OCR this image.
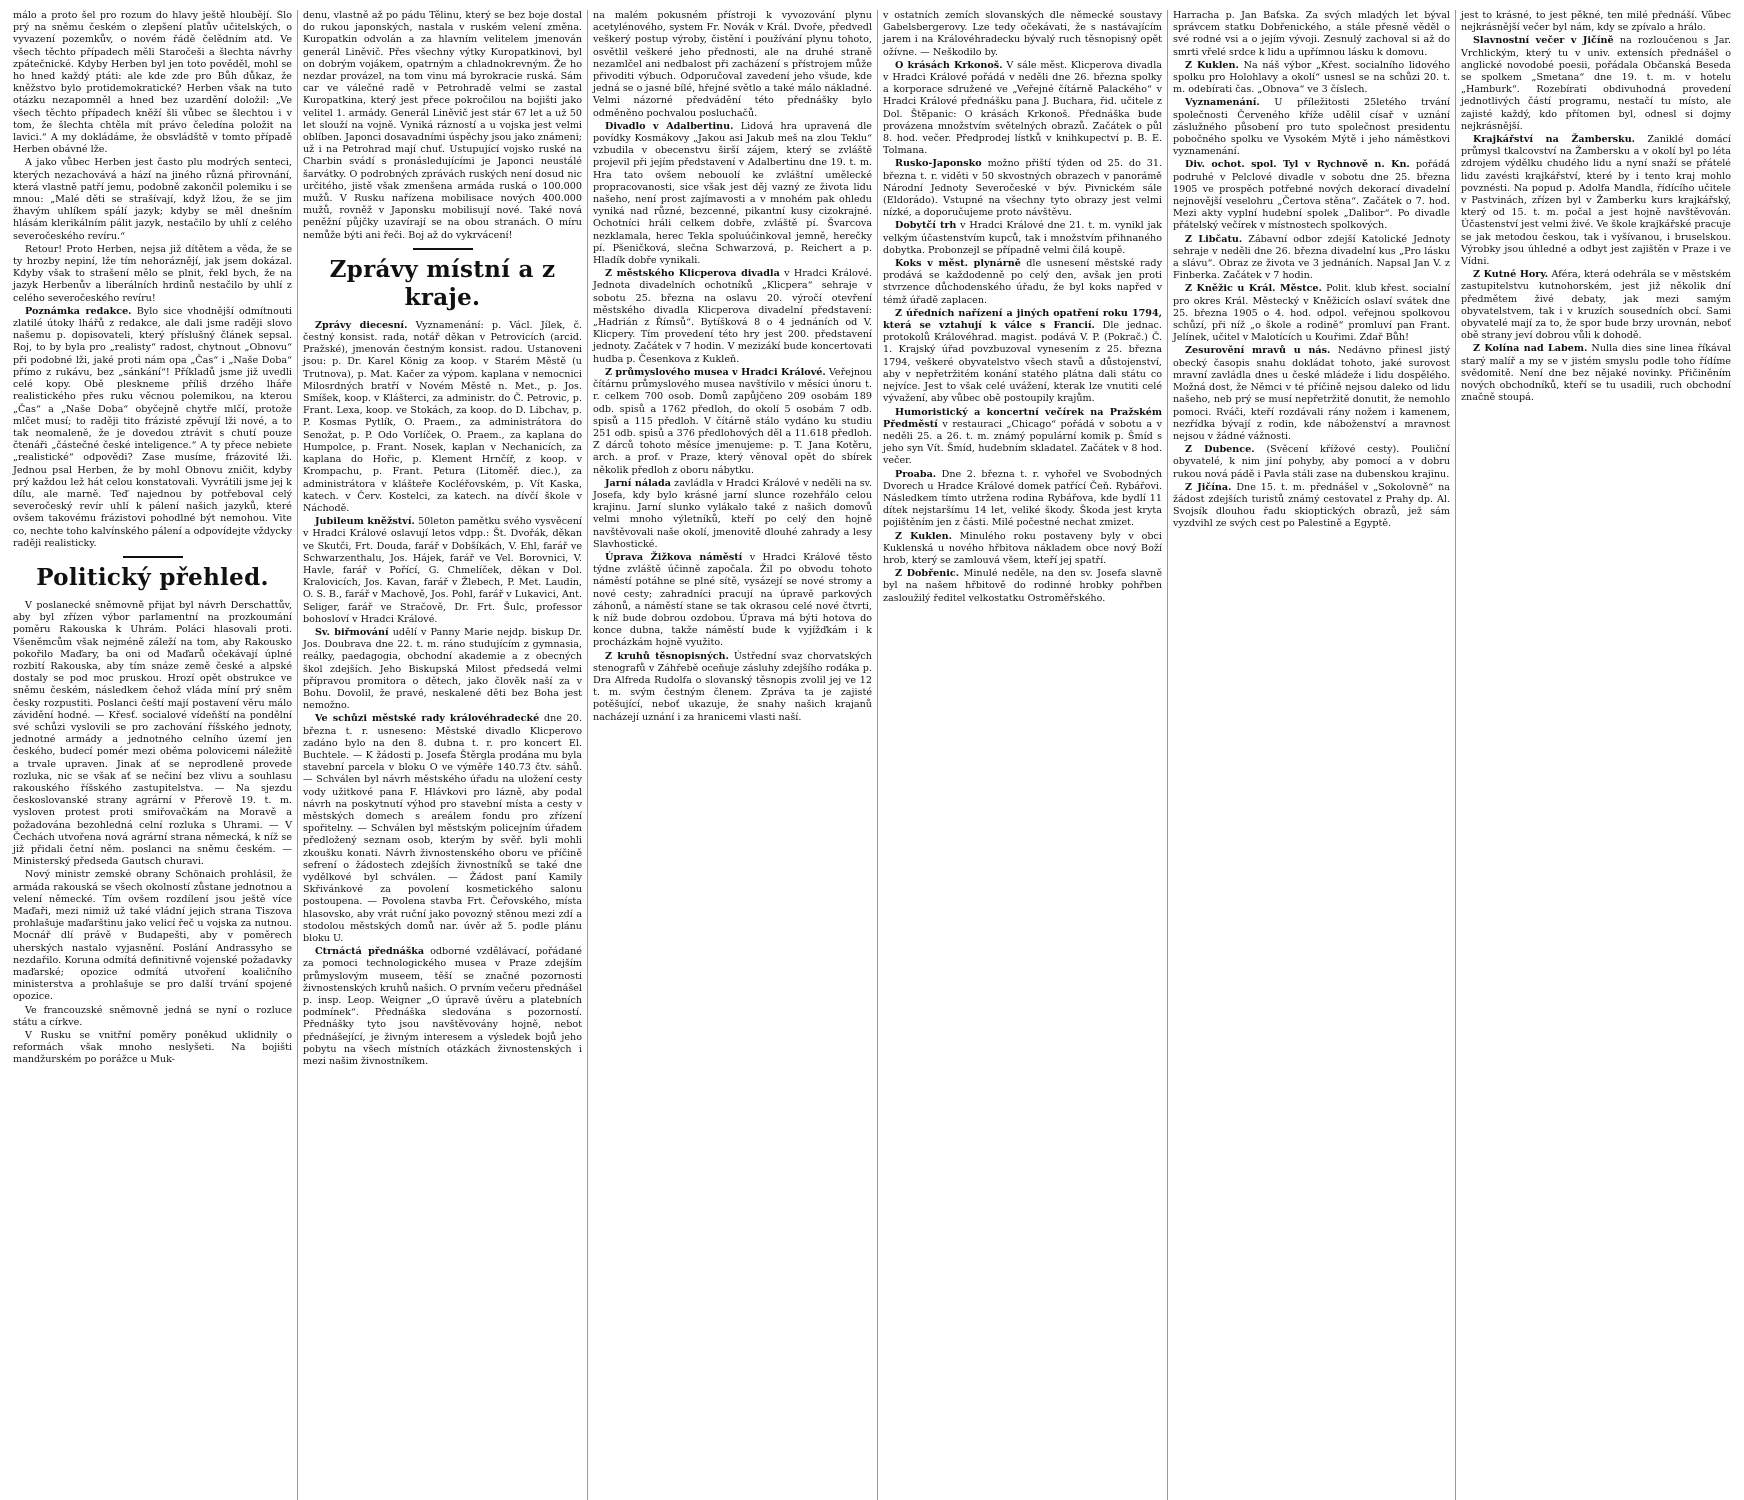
málo a proto šel pro rozum do hlavy ještě hloubějí. Šlo prý na sněmu českém o zlepšení platův učitelských, o vyvazení pozemkův, o novém řádě čelědním atd. Ve všech těchto případech měli Staročeši a šlechta návrhy zpátečnické. Kdyby Herben byl jen toto pověděl, mohl se ho hned každý ptáti: ale kde zde pro Bůh důkaz, že kněžstvo bylo protidemokratické? Herben však na tuto otázku nezapomněl a hned bez uzardění doložil: „Ve všech těchto případech kněží šli vůbec se šlechtou i v tom, že šlechta chtěla mít právo čeledína položit na lavici.“ A my dokládáme, že obsvládště v tomto případě Herben obávné lže.

A jako vůbec Herben jest často plu modrých senteci, kterých nezachovává a hází na jiného různá přirovnání, která vlastně patří jemu, podobně zakončil polemiku i se mnou: „Malé děti se strašívají, když lžou, že se jim žhavým uhlíkem spálí jazyk; kdyby se měl dnešním hlásám klerikálním pálit jazyk, nestačilo by uhlí z celého severočeského revíru.“

Retour! Proto Herben, nejsa již dítětem a věda, že se ty hrozby nepiní, lže tím nehoráznějí, jak jsem dokázal. Kdyby však to strašení mělo se plnit, řekl bych, že na jazyk Herbenův a liberálních hrdinů nestačilo by uhlí z celého severočeského revíru!

Poznámka redakce. Bylo sice vhodnější odmítnouti zlatilé útoky lhářů z redakce, ale dali jsme raději slovo našemu p. dopisovateli, který příslušný článek sepsal. Roj, to by byla pro „realisty“ radost, chytnout „Obnovu“ při podobné lži, jaké proti nám opa „Čas“ i „Naše Doba“ přímo z rukávu, bez „sánkání“! Příkladů jsme již uvedli celé kopy. Obě pleskneme příliš drzého lháře realistického přes ruku věcnou polemikou, na kterou „Čas“ a „Naše Doba“ obyčejně chytře mlčí, protože mlčet musí; to raději tito frázisté zpěvují lži nové, a to tak neomaleně, že je dovedou ztrávit s chutí pouze čtenáři „částečné české inteligence.“ A ty přece nebiete „realistické“ odpovědi? Zase musíme, frázovité lži. Jednou psal Herben, že by mohl Obnovu zničit, kdyby prý každou lež hát celou konstatovali. Vyvrátili jsme jej k dílu, ale marně. Teď najednou by potřeboval celý severočeský revír uhlí k pálení našich jazyků, které ovšem takovému frázistovi pohodlné být nemohou. Vite co, nechte toho kalvínského pálení a odpovídejte vždycky raději realisticky.

Politický přehled.

V poslanecké sněmovně přijat byl návrh Derschattův, aby byl zřízen výbor parlamentní na prozkoumání poměru Rakouska k Uhrám. Poláci hlasovali proti. Všeněmcům však nejméně záleží na tom, aby Rakousko pokořilo Maďary, ba oni od Maďarů očekávají úplné rozbití Rakouska, aby tím snáze země české a alpské dostaly se pod moc pruskou. Hrozí opět obstrukce ve sněmu českém, následkem čehož vláda míní prý sněm česky rozpustiti. Poslanci čeští mají postavení věru málo závidění hodné. — Křesť. socialové vídeňští na pondělní své schůzi vyslovili se pro zachování říšského jednoty, jednotné armády a jednotného celního území jen českého, budecí pomér mezi oběma polovicemi náležitě a trvale upraven. Jinak ať se neprodleně provede rozluka, nic se však ať se nečiní bez vlivu a souhlasu rakouského říšského zastupitelstva. — Na sjezdu českoslovanské strany agrární v Přerově 19. t. m. vysloven protest proti smiřovačkám na Moravě a požadována bezohledná celní rozluka s Uhrami. — V Čechách utvořena nová agrární strana německá, k níž se již přidali četní něm. poslanci na sněmu českém. — Ministerský předseda Gautsch churavi.

Nový ministr zemské obrany Schönaich prohlásil, že armáda rakouská se všech okolností zůstane jednotnou a velení německé. Tím ovšem rozdílení jsou ještě více Maďaři, mezi nimiž už také vládní jejich strana Tiszova prohlašuje maďarštinu jako velicí řeč u vojska za nutnou. Mocnář dlí právě v Budapešti, aby v poměrech uherských nastalo vyjasnění. Poslání Andrassyho se nezdařilo. Koruna odmítá definitivně vojenské požadavky maďarské; opozice odmítá utvoření koaličního ministerstva a prohlašuje se pro další trvání spojené opozice.

Ve francouzské sněmovně jedná se nyní o rozluce státu a církve.

V Rusku se vnitřní poměry poněkud uklidnily o reformách však mnoho neslyšeti. Na bojišti mandžurském po porážce u Muk-

denu, vlastně až po pádu Tělinu, který se bez boje dostal do rukou japonských, nastala v ruském velení změna. Kuropatkin odvolán a za hlavním velitelem jmenován generál Liněvič. Přes všechny výtky Kuropatkinovi, byl on dobrým vojákem, opatrným a chladnokrevným. Že ho nezdar provázel, na tom vinu má byrokracie ruská. Sám car ve válečné radě v Petrohradě velmi se zastal Kuropatkina, který jest přece pokročilou na bojišti jako velitel 1. armády. Generál Liněvič jest stár 67 let a už 50 let slouží na vojně. Vyniká rázností a u vojska jest velmi oblíben. Japonci dosavadními úspěchy jsou jako známeni; už i na Petrohrad mají chuť. Ustupující vojsko ruské na Charbin svádí s pronásledujícími je Japonci neustálé šarvátky. O podrobných zprávách ruských není dosud nic určitého, jistě však zmenšena armáda ruská o 100.000 mužů. V Rusku nařízena mobilisace nových 400.000 mužů, rovněž v Japonsku mobilisují nové. Také nová peněžní půjčky uzavírají se na obou stranách. O míru nemůže býti ani řeči. Boj až do vykrvácení!

Zprávy místní a z kraje.

Zprávy diecesní. Vyznamenání: p. Václ. Jílek, č. čestný konsist. rada, notář děkan v Petrovicích (arcid. Pražské), jmenován čestným konsist. radou. Ustanoveni jsou: p. Dr. Karel König za koop. v Starém Městě (u Trutnova), p. Mat. Kačer za výpom. kaplana v nemocnici Milosrdných bratří v Novém Městě n. Met., p. Jos. Smíšek, koop. v Klášterci, za administr. do Č. Petrovic, p. Frant. Lexa, koop. ve Stokách, za koop. do D. Libchav, p. P. Kosmas Pytlík, O. Praem., za administrátora do Senožat, p. P. Odo Vorlíček, O. Praem., za kaplana do Humpolce, p. Frant. Nosek, kaplan v Nechanicích, za kaplana do Hořic, p. Klement Hrnčíř, z koop. v Krompachu, p. Frant. Petura (Litoměř. diec.), za administrátora v klášteře Kocléřovském, p. Vít Kaska, katech. v Červ. Kostelci, za katech. na dívčí škole v Náchodě.

Jubileum kněžství. 50leton pamětku svého vysvěcení v Hradci Králové oslavují letos vdpp.: Št. Dvořák, děkan ve Skutči, Frt. Douda, farář v Dobšíkách, V. Ehl, farář ve Schwarzenthalu, Jos. Hájek, farář ve Vel. Borovnici, V. Havle, farář v Pořící, G. Chmelíček, děkan v Dol. Kralovicích, Jos. Kavan, farář v Žlebech, P. Met. Laudin, O. S. B., farář v Machově, Jos. Pohl, farář v Lukavici, Ant. Seliger, farář ve Stračově, Dr. Frt. Šulc, professor bohosloví v Hradci Králové.

Sv. biřmování udělí v Panny Marie nejdp. biskup Dr. Jos. Doubrava dne 22. t. m. ráno studujícím z gymnasia, reálky, paedagogia, obchodní akademie a z obecných škol zdejších. Jeho Biskupská Milost předsedá velmi přípravou promitora o dětech, jako člověk naší za v Bohu. Dovolil, že pravé, neskalené děti bez Boha jest nemožno.

Ve schůzi městské rady královéhradecké dne 20. března t. r. usneseno: Městské divadlo Klicperovo zadáno bylo na den 8. dubna t. r. pro koncert El. Buchtele. — K žádosti p. Josefa Štěrgla prodána mu byla stavební parcela v bloku O ve výměře 140.73 čtv. sáhů. — Schválen byl návrh městského úřadu na uložení cesty vody užitkové pana F. Hlávkovi pro lázně, aby podal návrh na poskytnutí výhod pro stavební místa a cesty v městských domech s areálem fondu pro zřízení spořitelny. — Schválen byl městským policejním úřadem předložený seznam osob, kterým by svěř. byli mohli zkoušku konati. Návrh živnostenského oboru ve příčině sefrení o žádostech zdejších živnostníků se také dne vydělkové byl schválen. — Žádost paní Kamily Skřivánkové za povolení kosmetického salonu postoupena. — Povolena stavba Frt. Čeřovského, místa hlasovsko, aby vrát ruční jako povozný stěnou mezi zdí a stodolou městských domů nar. úvěr až 5. podle plánu bloku U.

Ctrnáctá přednáška odborné vzdělávací, pořádané za pomoci technologického musea v Praze zdejším průmyslovým museem, těší se značné pozornosti živnostenských kruhů našich. O prvním večeru přednášel p. insp. Leop. Weigner „O úpravě úvěru a platebních podmínek“. Přednáška sledována s pozorností. Přednášky tyto jsou navštěvovány hojně, nebot přednášející, je živným interesem a výsledek bojů jeho pobytu na všech místních otázkách živnostenských i mezi našim živnostníkem.

na malém pokusném přístroji k vyvozování plynu acetylénového, system Fr. Novák v Král. Dvoře, předvedl veškerý postup výroby, čistění i používání plynu tohoto, osvětlil veškeré jeho přednosti, ale na druhé straně nezamlčel ani nedbalost při zacházení s přístrojem může přivoditi výbuch. Odporučoval zavedení jeho všude, kde jedná se o jasné bílé, hřejné světlo a také málo nákladné. Velmi názorné předvádění této přednášky bylo odměněno pochvalou posluchačů.

Divadlo v Adalbertinu. Lidová hra upravená dle povídky Kosmákovy „Jakou asi Jakub meš na zlou Teklu“ vzbudila v obecenstvu širší zájem, který se zvláště projevil při jejím představení v Adalbertinu dne 19. t. m. Hra tato ovšem nebouolí ke zvláštní umělecké propracovanosti, sice však jest děj vazný ze života lidu našeho, není prost zajímavosti a v mnohém pak ohledu vyniká nad různé, bezcenné, pikantní kusy cizokrajné. Ochotníci hráli celkem dobře, zvláště pí. Švarcova nezklamala, herec Tekla spoluúčinkoval jemně, herečky pí. Pšeničková, slečna Schwarzová, p. Reichert a p. Hladík dobře vynikali.

Z městského Klicperova divadla v Hradci Králové. Jednota divadelních ochotníků „Klicpera“ sehraje v sobotu 25. března na oslavu 20. výročí otevření městského divadla Klicperova divadelní představení: „Hadrián z Římsů“. Bytíšková 8 o 4 jednáních od V. Klicpery. Tím provedení této hry jest 200. představení jednoty. Začátek v 7 hodin. V mezizákí bude koncertovati hudba p. Česenkova z Kukleň.

Z průmyslového musea v Hradci Králové. Veřejnou čítárnu průmyslového musea navštívilo v měsíci únoru t. r. celkem 700 osob. Domů zapůjčeno 209 osobám 189 odb. spisů a 1762 předloh, do okolí 5 osobám 7 odb. spisů a 115 předloh. V čítárně stálo vydáno ku studiu 251 odb. spisů a 376 předlohových děl a 11.618 předloh. Z dárců tohoto měsíce jmenujeme: p. T. Jana Kotěru, arch. a prof. v Praze, který věnoval opět do sbírek několik předloh z oboru nábytku.

Jarní nálada zavládla v Hradci Králové v neděli na sv. Josefa, kdy bylo krásné jarní slunce rozehřálo celou krajinu. Jarní slunko vylákalo také z našich domovů velmi mnoho výletníků, kteří po celý den hojně navštěvovali naše okolí, jmenovitě dlouhé zahrady a lesy Slavhostické.

Úprava Žižkova náměstí v Hradci Králové těsto týdne zvláště účinně započala. Žil po obvodu tohoto náměstí potáhne se plné sítě, vysázejí se nové stromy a nové cesty; zahradníci pracují na úpravě parkových záhonů, a náměstí stane se tak okrasou celé nové čtvrti, k níž bude dobrou ozdobou. Úprava má býti hotova do konce dubna, takže náměstí bude k vyjížďkám i k procházkám hojně využito.

Z kruhů těsnopisných. Ústřední svaz chorvatských stenografů v Záhřebě oceňuje zásluhy zdejšího rodáka p. Dra Alfreda Rudolfa o slovanský těsnopis zvolil jej ve 12 t. m. svým čestným členem. Zpráva ta je zajisté potěšující, neboť ukazuje, že snahy našich krajanů nacházejí uznání i za hranicemi vlasti naší.

v ostatních zemích slovanských dle německé soustavy Gabelsbergerovy. Lze tedy očekávati, že s nastávajícím jarem i na Královéhradecku bývalý ruch těsnopisný opět ožívne. — Neškodilo by.

O krásách Krkonoš. V sále měst. Klicperova divadla v Hradci Králové pořádá v neděli dne 26. března spolky a korporace sdružené ve „Veřejné čítárně Palackého“ v Hradci Králové přednášku pana J. Buchara, řid. učitele z Dol. Štěpanic: O krásách Krkonoš. Přednáška bude provázena množstvím světelných obrazů. Začátek o půl 8. hod. večer. Předprodej lístků v knihkupectví p. B. E. Tolmana.

Rusko-Japonsko možno přiští týden od 25. do 31. března t. r. viděti v 50 skvostných obrazech v panorámě Národní Jednoty Severočeské v býv. Pivnickém sále (Eldorádo). Vstupné na všechny tyto obrazy jest velmi nízké, a doporučujeme proto návštěvu.

Dobytčí trh v Hradci Králové dne 21. t. m. vynikl jak velkým účastenstvím kupců, tak i množstvím přihnaného dobytka. Probonzejl se případně velmi čilá koupě.

Koks v měst. plynárně dle usnesení městské rady prodává se každodenně po celý den, avšak jen proti stvrzence důchodenského úřadu, že byl koks napřed v témž úřadě zaplacen.

Z úředních nařízení a jiných opatření roku 1794, která se vztahují k válce s Francií. Dle jednac. protokolů Královéhrad. magist. podává V. P. (Pokrač.) Č. 1. Krajský úřad povzbuzoval vynesením z 25. března 1794, veškeré obyvatelstvo všech stavů a důstojenství, aby v nepřetržitém konání statého plátna dali státu co nejvíce. Jest to však celé uvážení, kterak lze vnutiti celé vývažení, aby vůbec obě postoupily krajům.

Humoristický a koncertní večírek na Pražském Předměstí v restauraci „Chicago“ pořádá v sobotu a v neděli 25. a 26. t. m. známý populární komik p. Šmíd s jeho syn Vít. Šmíd, hudebním skladatel. Začátek v 8 hod. večer.

Proaba. Dne 2. března t. r. vyhořel ve Svobodných Dvorech u Hradce Králové domek patřící Čeň. Rybářovi. Následkem tímto utržena rodina Rybářova, kde bydlí 11 dítek nejstaršímu 14 let, veliké škody. Škoda jest kryta pojištěním jen z části. Milé počestné nechat zmizet.

Z Kuklen. Minulého roku postaveny byly v obci Kuklenská u nového hřbitova nákladem obce nový Boží hrob, který se zamlouvá všem, kteří jej spatří.

Z Dobřenic. Minulé neděle, na den sv. Josefa slavně byl na našem hřbitově do rodinné hrobky pohřben zasloužilý ředitel velkostatku Ostroměřského.

Harracha p. Jan Baťska. Za svých mladých let býval správcem statku Dobřenického, a stále přesně věděl o své rodné vsi a o jejím vývoji. Zesnulý zachoval si až do smrti vřelé srdce k lidu a upřímnou lásku k domovu.

Z Kuklen. Na náš výbor „Křest. socialního lidového spolku pro Holohlavy a okolí“ usnesl se na schůzi 20. t. m. odebírati čas. „Obnova“ ve 3 číslech.

Vyznamenání. U příležitosti 25letého trvání společnosti Červeného kříže udělil císař v uznání záslužného působení pro tuto společnost presidentu pobočného spolku ve Vysokém Mýtě i jeho náměstkovi vyznamenání.

Div. ochot. spol. Tyl v Rychnově n. Kn. pořádá podruhé v Pelclové divadle v sobotu dne 25. března 1905 ve prospěch potřebné nových dekorací divadelní nejnovější veselohru „Čertova stěna“. Začátek o 7. hod. Mezi akty vyplní hudební spolek „Dalibor“. Po divadle přátelský večírek v místnostech spolkových.

Z Libčatu. Zábavní odbor zdejší Katolické Jednoty sehraje v neděli dne 26. března divadelní kus „Pro lásku a slávu“. Obraz ze života ve 3 jednáních. Napsal Jan V. z Finberka. Začátek v 7 hodin.

Z Kněžic u Král. Městce. Polit. klub křest. socialní pro okres Král. Městecký v Kněžicích oslaví svátek dne 25. března 1905 o 4. hod. odpol. veřejnou spolkovou schůzí, při níž „o škole a rodině“ promluví pan Frant. Jelínek, učitel v Malotících u Kouřimi. Zdař Bůh!

Zesurovění mravů u nás. Nedávno přinesl jistý obecký časopis snahu dokládat tohoto, jaké surovost mravní zavládla dnes u české mládeže i lidu dospělého. Možná dost, že Němci v té příčině nejsou daleko od lidu našeho, neb prý se musí nepřetržitě donutit, že nemohlo pomoci. Rváči, kteří rozdávali rány nožem i kamenem, nezřídka bývají z rodin, kde náboženství a mravnost nejsou v žádné vážnosti.

Z Dubence. (Svěcení křížové cesty). Pouliční obyvatelé, k nim jiní pohyby, aby pomocí a v dobru rukou nová pádě i Pavla stáli zase na dubenskou krajinu.

Z Jičína. Dne 15. t. m. přednášel v „Sokolovně“ na žádost zdejších turistů známý cestovatel z Prahy dp. Al. Svojsík dlouhou řadu skioptických obrazů, jež sám vyzdvihl ze svých cest po Palestině a Egyptě.

jest to krásné, to jest pěkné, ten milé přednáší. Vůbec nejkrásnější večer byl nám, kdy se zpívalo a hrálo.

Slavnostní večer v Jičíně na rozloučenou s Jar. Vrchlickým, který tu v univ. extensích přednášel o anglické novodobé poesii, pořádala Občanská Beseda se spolkem „Smetana“ dne 19. t. m. v hotelu „Hamburk“. Rozebírati obdivuhodná provedení jednotlivých částí programu, nestačí tu místo, ale zajisté každý, kdo přítomen byl, odnesl si dojmy nejkrásnější.

Krajkářství na Žambersku. Zaniklé domácí průmysl tkalcovství na Žambersku a v okolí byl po léta zdrojem výdělku chudého lidu a nyní snaží se přátelé lidu zavésti krajkářství, které by i tento kraj mohlo povznésti. Na popud p. Adolfa Mandla, řídícího učitele v Pastvinách, zřízen byl v Žamberku kurs krajkářský, který od 15. t. m. počal a jest hojně navštěvován. Účastenství jest velmi živé. Ve škole krajkářské pracuje se jak metodou českou, tak i vyšívanou, i bruselskou. Výrobky jsou úhledné a odbyt jest zajištěn v Praze i ve Vídni.

Z Kutné Hory. Aféra, která odehrála se v městském zastupitelstvu kutnohorském, jest již několik dní předmětem živé debaty, jak mezi samým obyvatelstvem, tak i v kruzích sousedních obcí. Sami obyvatelé mají za to, že spor bude brzy urovnán, neboť obě strany jeví dobrou vůli k dohodě.

Z Kolína nad Labem. Nulla dies sine linea říkával starý malíř a my se v jistém smyslu podle toho řídíme svědomitě. Není dne bez nějaké novinky. Přičiněním nových obchodníků, kteří se tu usadili, ruch obchodní značně stoupá.
